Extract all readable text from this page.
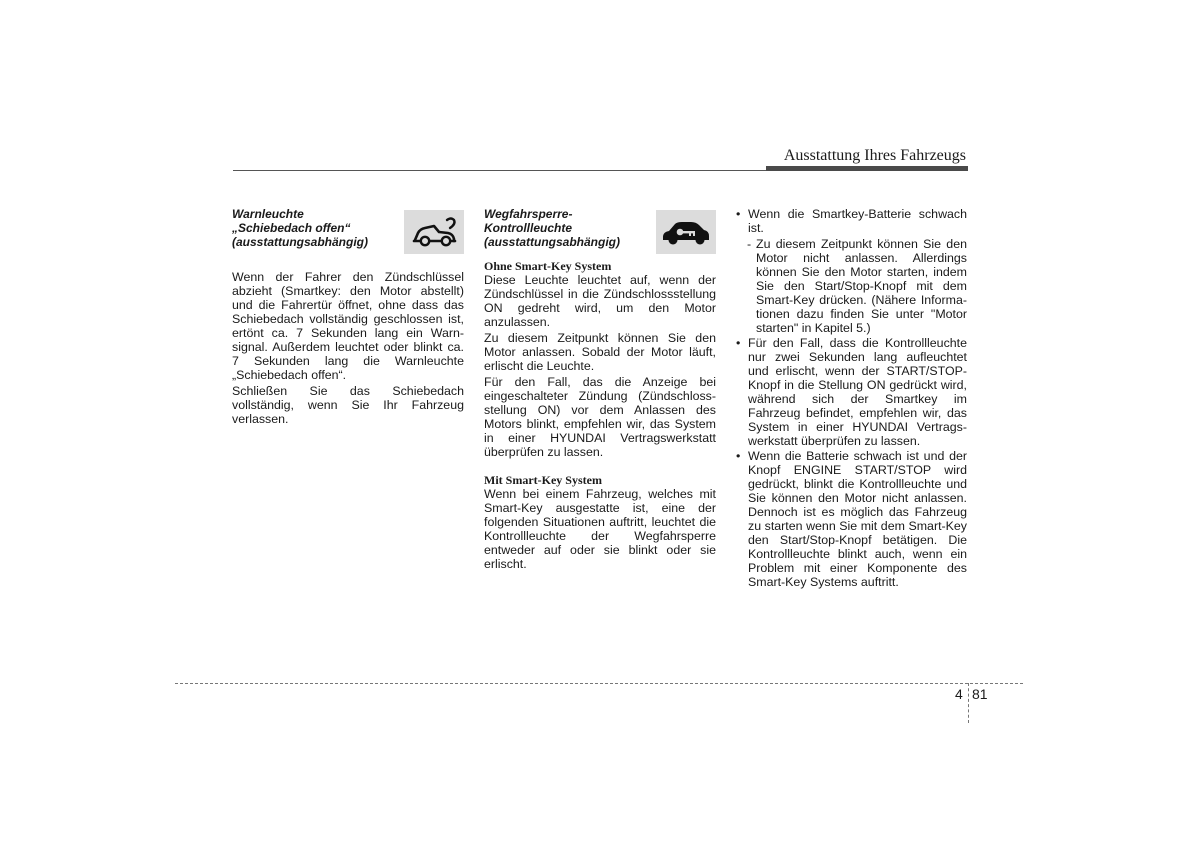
Ausstattung Ihres Fahrzeugs
Warnleuchte
„Schiebedach offen“
(ausstattungsabhängig)

Wenn der Fahrer den Zündschlüssel abzieht (Smartkey: den Motor abstellt) und die Fahrertür öffnet, ohne dass das Schiebedach vollständig geschlossen ist, ertönt ca. 7 Sekunden lang ein Warnsignal. Außerdem leuchtet oder blinkt ca. 7 Sekunden lang die Warnleuchte „Schiebedach offen“.

Schließen Sie das Schiebedach vollständig, wenn Sie Ihr Fahrzeug verlassen.

Wegfahrsperre-
Kontrollleuchte
(ausstattungsabhängig)
Ohne Smart-Key System

Diese Leuchte leuchtet auf, wenn der Zündschlüssel in die Zündschlossstellung ON gedreht wird, um den Motor anzulassen.

Zu diesem Zeitpunkt können Sie den Motor anlassen. Sobald der Motor läuft, erlischt die Leuchte.

Für den Fall, das die Anzeige bei eingeschalteter Zündung (Zündschlossstellung ON) vor dem Anlassen des Motors blinkt, empfehlen wir, das System in einer HYUNDAI Vertragswerkstatt überprüfen zu lassen.

Mit Smart-Key System

Wenn bei einem Fahrzeug, welches mit Smart-Key ausgestatte ist, eine der folgenden Situationen auftritt, leuchtet die Kontrollleuchte der Wegfahrsperre entweder auf oder sie blinkt oder sie erlischt.

• Wenn die Smartkey-Batterie schwach ist.
- Zu diesem Zeitpunkt können Sie den Motor nicht anlassen. Allerdings können Sie den Motor starten, indem Sie den Start/Stop-Knopf mit dem Smart-Key drücken. (Nähere Informationen dazu finden Sie unter "Motor starten" in Kapitel 5.)
• Für den Fall, dass die Kontrollleuchte nur zwei Sekunden lang aufleuchtet und erlischt, wenn der START/STOP-Knopf in die Stellung ON gedrückt wird, während sich der Smartkey im Fahrzeug befindet, empfehlen wir, das System in einer HYUNDAI Vertragswerkstatt überprüfen zu lassen.
• Wenn die Batterie schwach ist und der Knopf ENGINE START/STOP wird gedrückt, blinkt die Kontrollleuchte und Sie können den Motor nicht anlassen. Dennoch ist es möglich das Fahrzeug zu starten wenn Sie mit dem Smart-Key den Start/Stop-Knopf betätigen. Die Kontrollleuchte blinkt auch, wenn ein Problem mit einer Komponente des Smart-Key Systems auftritt.
4 81
